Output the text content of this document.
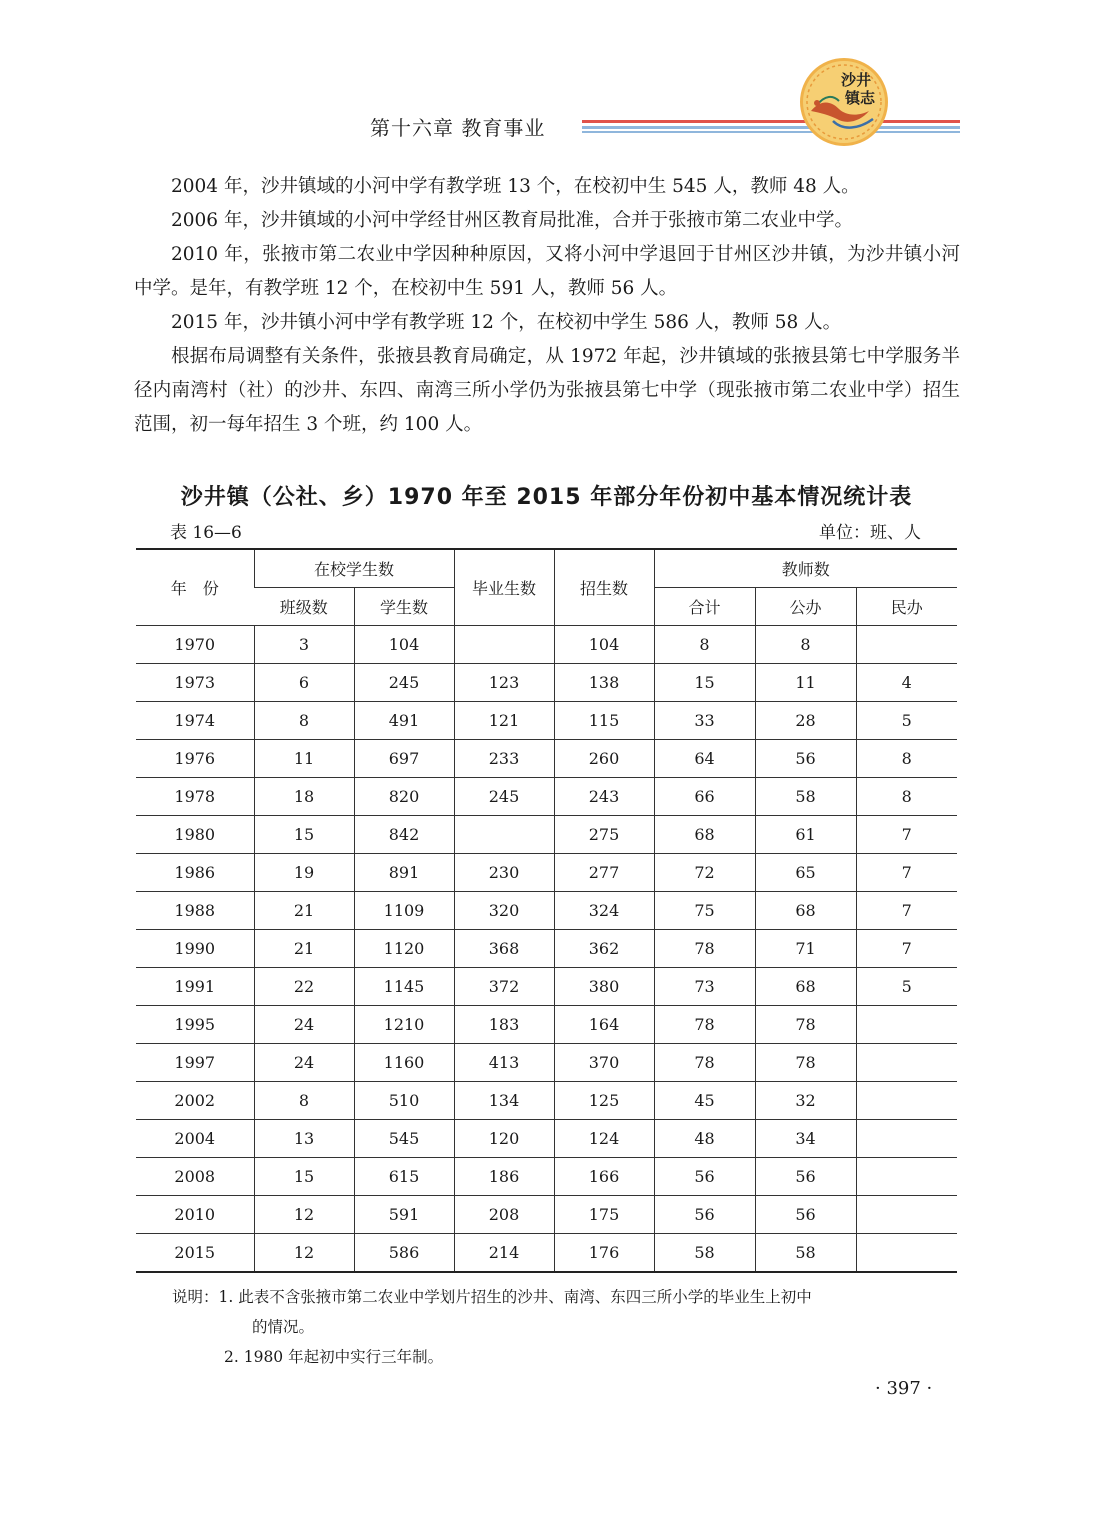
第十六章 教育事业
沙井
镇志

2004 年，沙井镇域的小河中学有教学班 13 个，在校初中生 545 人，教师 48 人。

2006 年，沙井镇域的小河中学经甘州区教育局批准，合并于张掖市第二农业中学。

2010 年，张掖市第二农业中学因种种原因，又将小河中学退回于甘州区沙井镇，为沙井镇小河中学。是年，有教学班 12 个，在校初中生 591 人，教师 56 人。

2015 年，沙井镇小河中学有教学班 12 个，在校初中学生 586 人，教师 58 人。

根据布局调整有关条件，张掖县教育局确定，从 1972 年起，沙井镇域的张掖县第七中学服务半径内南湾村（社）的沙井、东四、南湾三所小学仍为张掖县第七中学（现张掖市第二农业中学）招生范围，初一每年招生 3 个班，约 100 人。

沙井镇（公社、乡）1970 年至 2015 年部分年份初中基本情况统计表
表 16—6	单位：班、人
年　份	在校学生数		毕业生数	招生数	教师数		
	班级数	学生数			合计	公办	民办
1970	3	104		104	8	8	
1973	6	245	123	138	15	11	4
1974	8	491	121	115	33	28	5
1976	11	697	233	260	64	56	8
1978	18	820	245	243	66	58	8
1980	15	842		275	68	61	7
1986	19	891	230	277	72	65	7
1988	21	1109	320	324	75	68	7
1990	21	1120	368	362	78	71	7
1991	22	1145	372	380	73	68	5
1995	24	1210	183	164	78	78	
1997	24	1160	413	370	78	78	
2002	8	510	134	125	45	32	
2004	13	545	120	124	48	34	
2008	15	615	186	166	56	56	
2010	12	591	208	175	56	56	
2015	12	586	214	176	58	58	
说明：1. 此表不含张掖市第二农业中学划片招生的沙井、南湾、东四三所小学的毕业生上初中
的情况。
2. 1980 年起初中实行三年制。
· 397 ·
